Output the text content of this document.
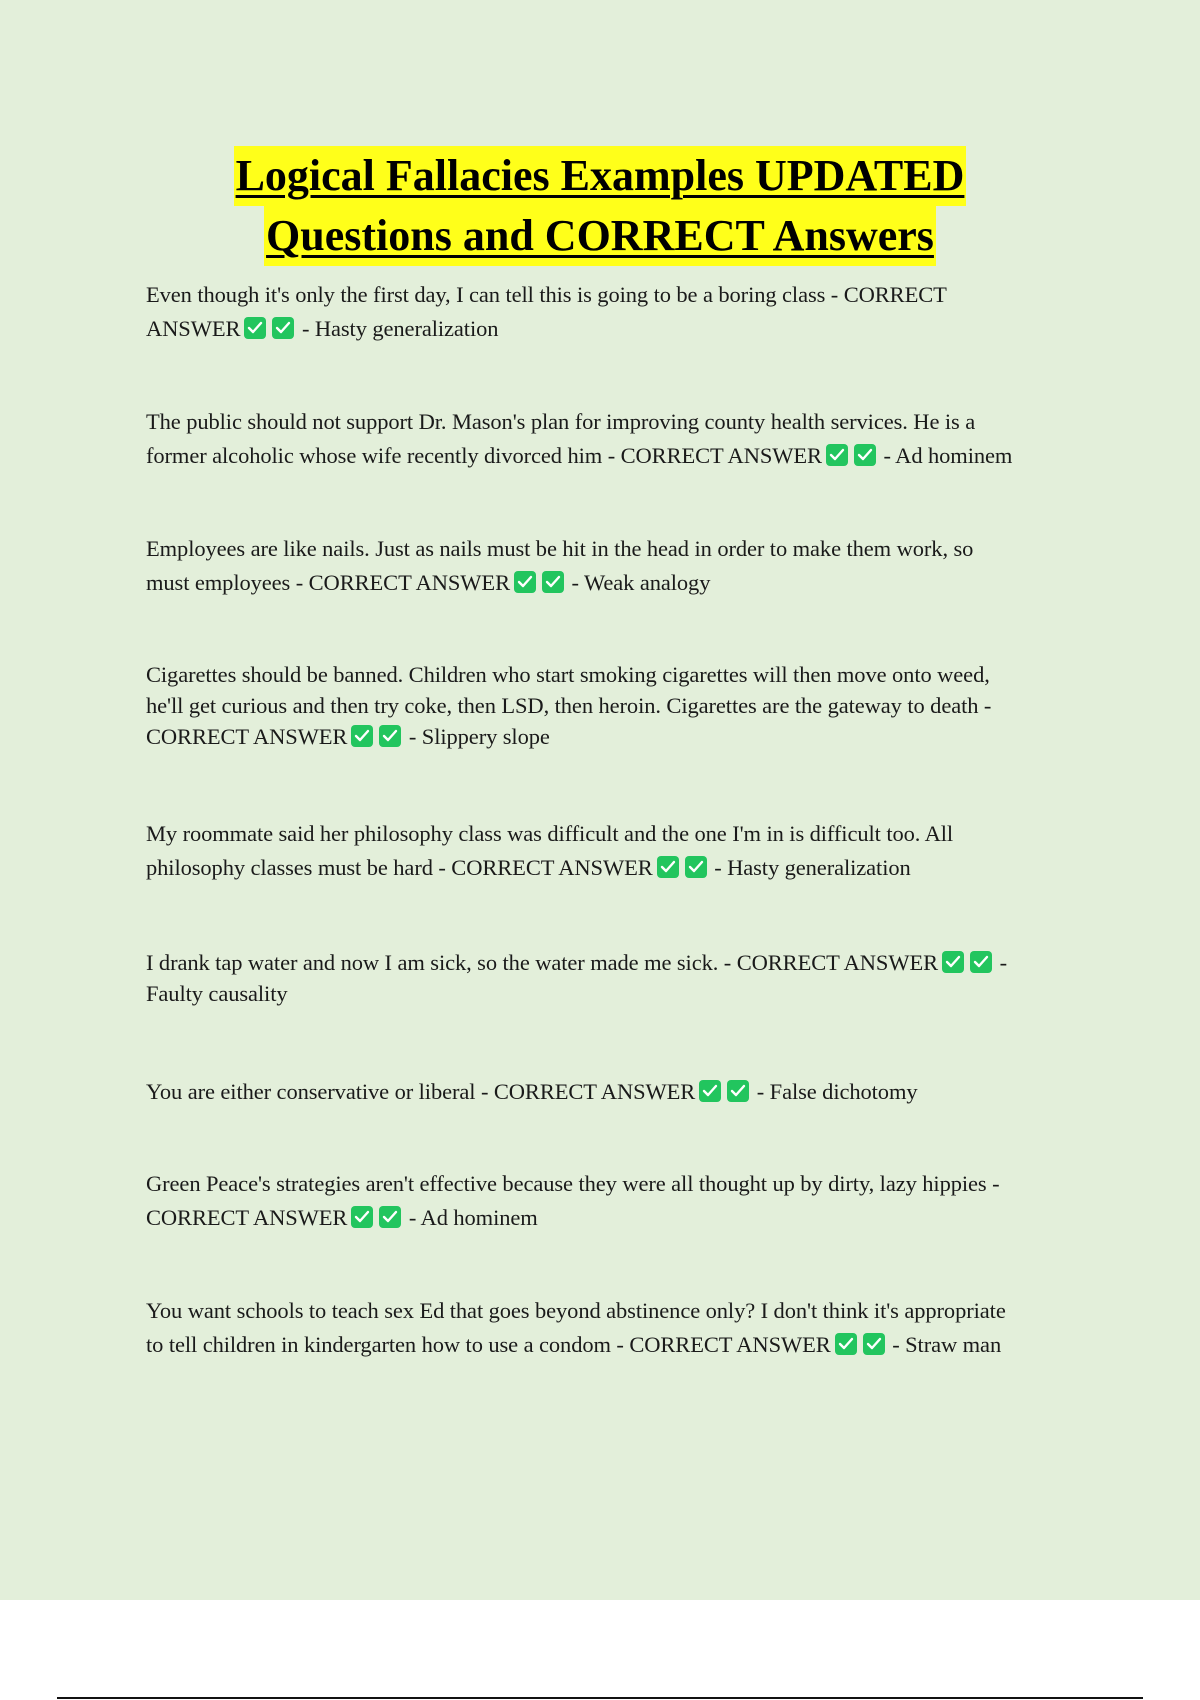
Logical Fallacies Examples UPDATED
Questions and CORRECT Answers
Even though it's only the first day, I can tell this is going to be a boring class - CORRECT
ANSWER	- Hasty generalization
The public should not support Dr. Mason's plan for improving county health services. He is a
former alcoholic whose wife recently divorced him - CORRECT ANSWER	- Ad hominem
Employees are like nails. Just as nails must be hit in the head in order to make them work, so
must employees - CORRECT ANSWER	- Weak analogy
Cigarettes should be banned. Children who start smoking cigarettes will then move onto weed,
he'll get curious and then try coke, then LSD, then heroin. Cigarettes are the gateway to death -
CORRECT ANSWER	- Slippery slope
My roommate said her philosophy class was difficult and the one I'm in is difficult too. All
philosophy classes must be hard - CORRECT ANSWER	- Hasty generalization
I drank tap water and now I am sick, so the water made me sick. - CORRECT ANSWER	-
Faulty causality
You are either conservative or liberal - CORRECT ANSWER	- False dichotomy
Green Peace's strategies aren't effective because they were all thought up by dirty, lazy hippies -
CORRECT ANSWER	- Ad hominem
You want schools to teach sex Ed that goes beyond abstinence only? I don't think it's appropriate
to tell children in kindergarten how to use a condom - CORRECT ANSWER	- Straw man
